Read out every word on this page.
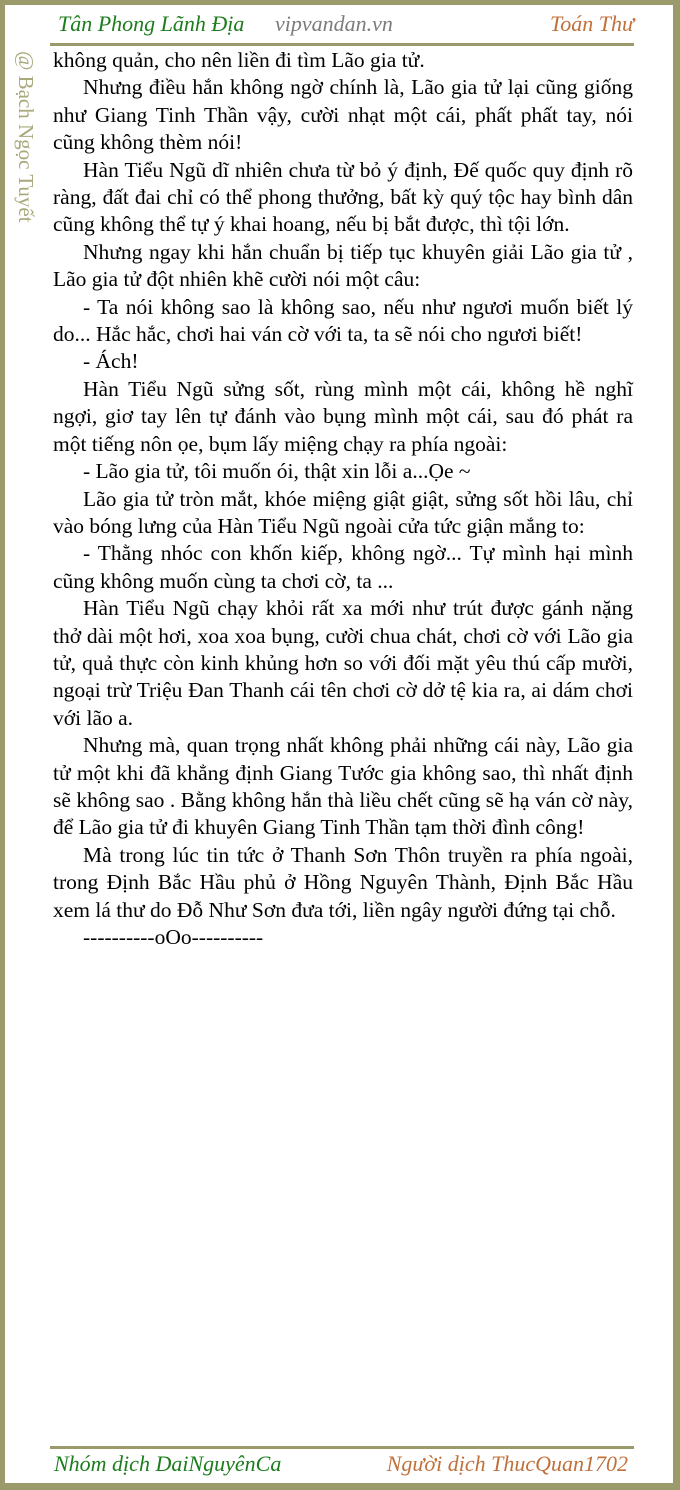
Tân Phong Lãnh Địa vipvandan.vn	Toán Thư
@ Bạch Ngọc Tuyết không quản, cho nên liền đi tìm Lão gia tử.

Nhưng điều hắn không ngờ chính là, Lão gia tử lại cũng giống như Giang Tinh Thần vậy, cười nhạt một cái, phất phất tay, nói cũng không thèm nói!

Hàn Tiểu Ngũ dĩ nhiên chưa từ bỏ ý định, Đế quốc quy định rõ ràng, đất đai chỉ có thể phong thưởng, bất kỳ quý tộc hay bình dân cũng không thể tự ý khai hoang, nếu bị bắt được, thì tội lớn.

Nhưng ngay khi hắn chuẩn bị tiếp tục khuyên giải Lão gia tử , Lão gia tử đột nhiên khẽ cười nói một câu:

- Ta nói không sao là không sao, nếu như ngươi muốn biết lý do... Hắc hắc, chơi hai ván cờ với ta, ta sẽ nói cho ngươi biết!

- Ách!

Hàn Tiểu Ngũ sửng sốt, rùng mình một cái, không hề nghĩ ngợi, giơ tay lên tự đánh vào bụng mình một cái, sau đó phát ra một tiếng nôn ọe, bụm lấy miệng chạy ra phía ngoài:

- Lão gia tử, tôi muốn ói, thật xin lỗi a...Ọe ~

Lão gia tử tròn mắt, khóe miệng giật giật, sửng sốt hồi lâu, chỉ vào bóng lưng của Hàn Tiểu Ngũ ngoài cửa tức giận mắng to:

- Thằng nhóc con khốn kiếp, không ngờ... Tự mình hại mình cũng không muốn cùng ta chơi cờ, ta ...

Hàn Tiểu Ngũ chạy khỏi rất xa mới như trút được gánh nặng thở dài một hơi, xoa xoa bụng, cười chua chát, chơi cờ với Lão gia tử, quả thực còn kinh khủng hơn so với đối mặt yêu thú cấp mười, ngoại trừ Triệu Đan Thanh cái tên chơi cờ dở tệ kia ra, ai dám chơi với lão a.

Nhưng mà, quan trọng nhất không phải những cái này, Lão gia tử một khi đã khẳng định Giang Tước gia không sao, thì nhất định sẽ không sao . Bằng không hắn thà liều chết cũng sẽ hạ ván cờ này, để Lão gia tử đi khuyên Giang Tinh Thần tạm thời đình công!

Mà trong lúc tin tức ở Thanh Sơn Thôn truyền ra phía ngoài, trong Định Bắc Hầu phủ ở Hồng Nguyên Thành, Định Bắc Hầu xem lá thư do Đỗ Như Sơn đưa tới, liền ngây người đứng tại chỗ.

----------oOo----------

Nhóm dịch DaiNguyênCa	Người dịch ThucQuan1702
